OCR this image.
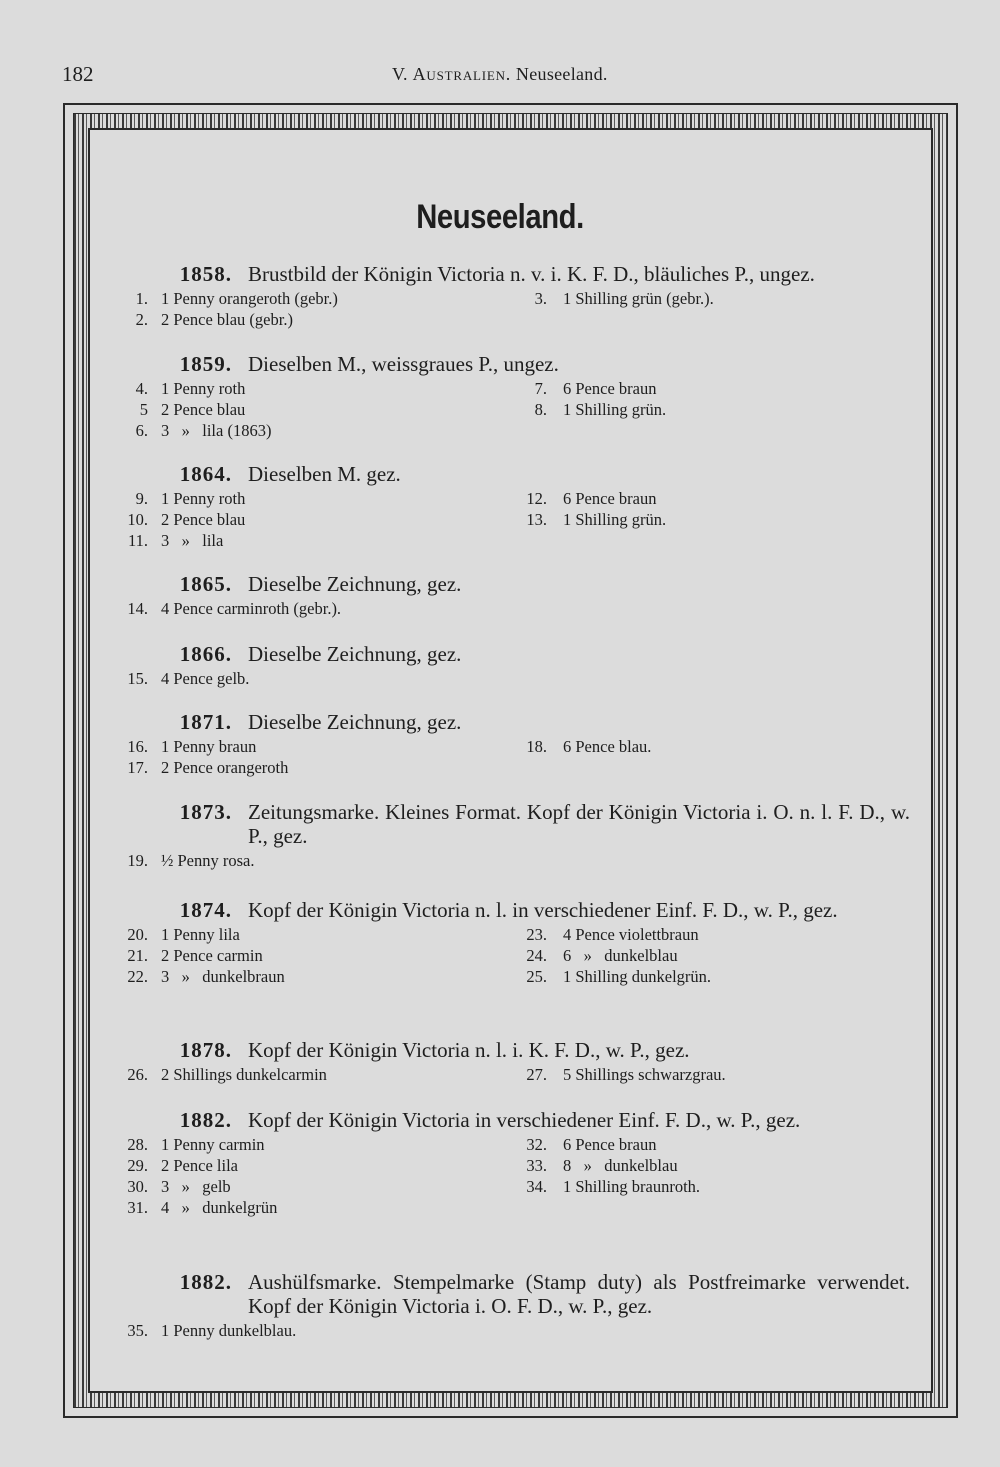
182	V. Australien. Neuseeland.
Neuseeland.
1858. Brustbild der Königin Victoria n. v. i. K. F. D., bläuliches P., ungez.
1. 1 Penny orangeroth (gebr.)
2. 2 Pence blau (gebr.)
3. 1 Shilling grün (gebr.).
1859. Dieselben M., weissgraues P., ungez.
4. 1 Penny roth
5 2 Pence blau
6. 3   »   lila (1863)
7. 6 Pence braun
8. 1 Shilling grün.
1864. Dieselben M. gez.
9. 1 Penny roth
10. 2 Pence blau
11. 3   »   lila
12. 6 Pence braun
13. 1 Shilling grün.
1865. Dieselbe Zeichnung, gez.
14. 4 Pence carminroth (gebr.).
1866. Dieselbe Zeichnung, gez.
15. 4 Pence gelb.
1871. Dieselbe Zeichnung, gez.
16. 1 Penny braun
17. 2 Pence orangeroth
18. 6 Pence blau.
1873. Zeitungsmarke. Kleines Format. Kopf der Königin Victoria i. O. n. l. F. D., w. P., gez.
19. ½ Penny rosa.
1874. Kopf der Königin Victoria n. l. in verschiedener Einf. F. D., w. P., gez.
20. 1 Penny lila
21. 2 Pence carmin
22. 3   »   dunkelbraun
23. 4 Pence violettbraun
24. 6   »   dunkelblau
25. 1 Shilling dunkelgrün.
1878. Kopf der Königin Victoria n. l. i. K. F. D., w. P., gez.
26. 2 Shillings dunkelcarmin	27. 5 Shillings schwarzgrau.
1882. Kopf der Königin Victoria in verschiedener Einf. F. D., w. P., gez.
28. 1 Penny carmin
29. 2 Pence lila
30. 3   »   gelb
31. 4   »   dunkelgrün
32. 6 Pence braun
33. 8   »   dunkelblau
34. 1 Shilling braunroth.
1882. Aushülfsmarke. Stempelmarke (Stamp duty) als Postfreimarke verwendet. Kopf der Königin Victoria i. O. F. D., w. P., gez.
35. 1 Penny dunkelblau.
